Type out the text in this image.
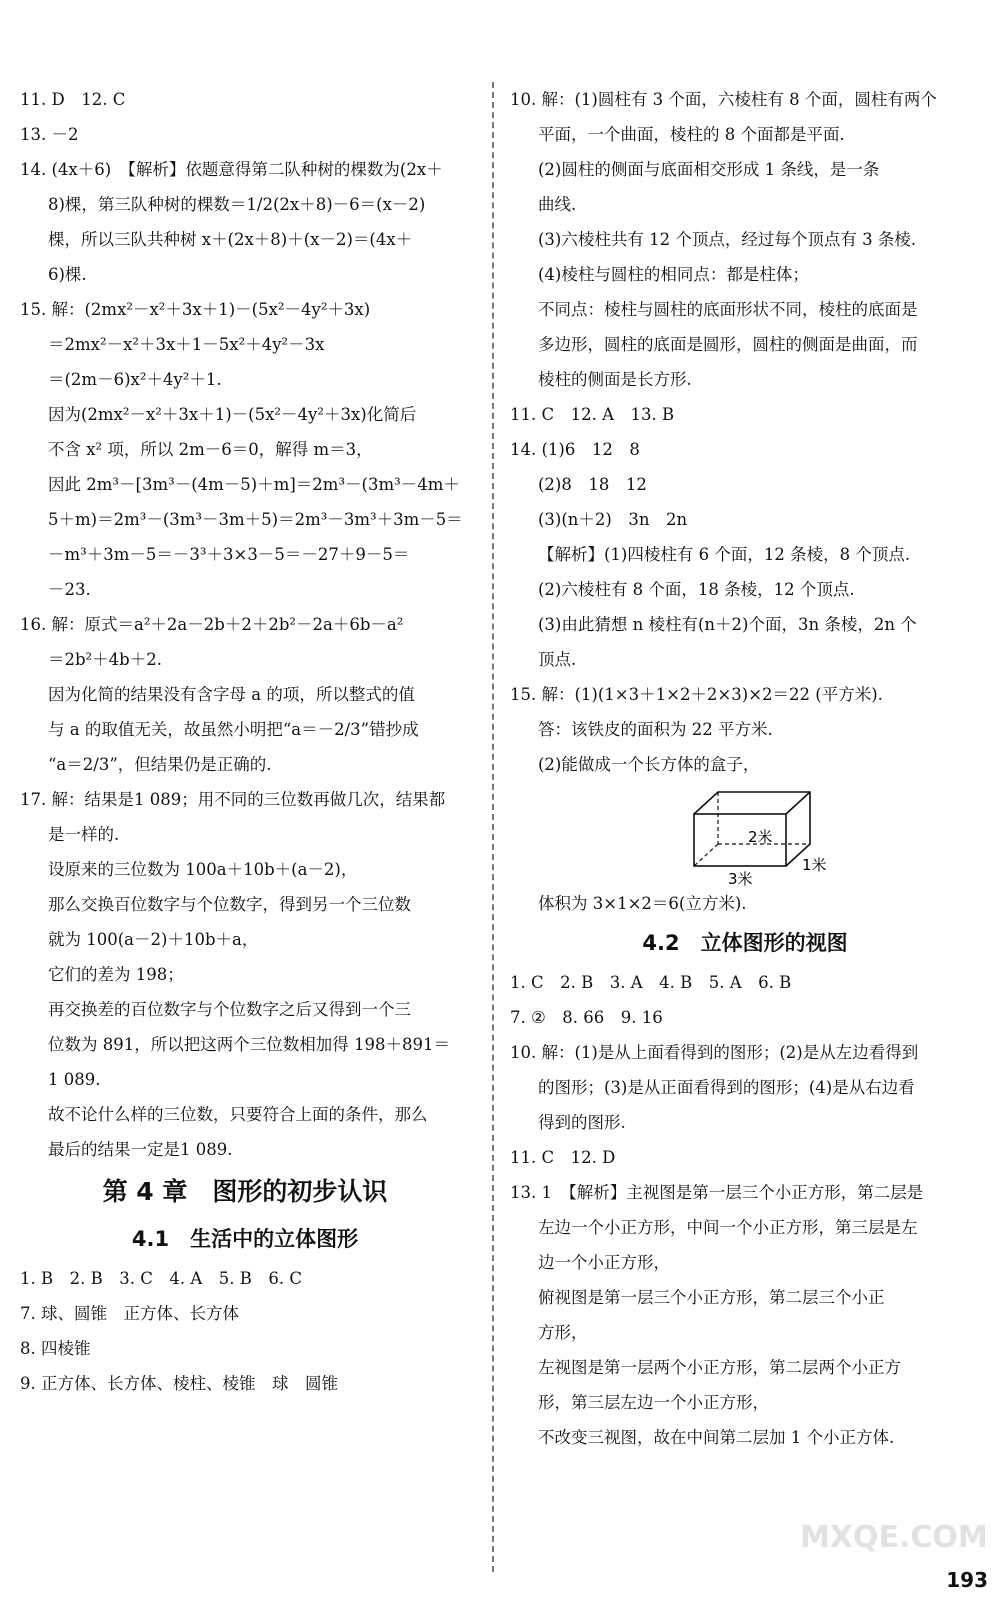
11. D　12. C
13. －2
14. (4x＋6)　【解析】依题意得第二队种树的棵数为(2x＋
8)棵，第三队种树的棵数＝1/2(2x＋8)－6＝(x－2)
棵，所以三队共种树 x＋(2x＋8)＋(x－2)＝(4x＋
6)棵.
15. 解：(2mx²－x²＋3x＋1)－(5x²－4y²＋3x)
＝2mx²－x²＋3x＋1－5x²＋4y²－3x
＝(2m－6)x²＋4y²＋1.
因为(2mx²－x²＋3x＋1)－(5x²－4y²＋3x)化简后
不含 x² 项，所以 2m－6＝0，解得 m＝3，
因此 2m³－[3m³－(4m－5)＋m]＝2m³－(3m³－4m＋
5＋m)＝2m³－(3m³－3m＋5)＝2m³－3m³＋3m－5＝
－m³＋3m－5＝－3³＋3×3－5＝－27＋9－5＝
－23.
16. 解：原式＝a²＋2a－2b＋2＋2b²－2a＋6b－a²
＝2b²＋4b＋2.
因为化简的结果没有含字母 a 的项，所以整式的值
与 a 的取值无关，故虽然小明把“a＝－2/3”错抄成
“a＝2/3”，但结果仍是正确的.
17. 解：结果是1 089；用不同的三位数再做几次，结果都
是一样的.
设原来的三位数为 100a＋10b＋(a－2)，
那么交换百位数字与个位数字，得到另一个三位数
就为 100(a－2)＋10b＋a，
它们的差为 198；
再交换差的百位数字与个位数字之后又得到一个三
位数为 891，所以把这两个三位数相加得 198＋891＝
1 089.
故不论什么样的三位数，只要符合上面的条件，那么
最后的结果一定是1 089.
第 4 章　图形的初步认识
4.1　生活中的立体图形
1. B　2. B　3. C　4. A　5. B　6. C
7. 球、圆锥　正方体、长方体
8. 四棱锥
9. 正方体、长方体、棱柱、棱锥　球　圆锥
10. 解：(1)圆柱有 3 个面，六棱柱有 8 个面，圆柱有两个
平面，一个曲面，棱柱的 8 个面都是平面.
(2)圆柱的侧面与底面相交形成 1 条线，是一条
曲线.
(3)六棱柱共有 12 个顶点，经过每个顶点有 3 条棱.
(4)棱柱与圆柱的相同点：都是柱体；
不同点：棱柱与圆柱的底面形状不同，棱柱的底面是
多边形，圆柱的底面是圆形，圆柱的侧面是曲面，而
棱柱的侧面是长方形.
11. C　12. A　13. B
14. (1)6　12　8
(2)8　18　12
(3)(n＋2)　3n　2n
【解析】(1)四棱柱有 6 个面，12 条棱，8 个顶点.
(2)六棱柱有 8 个面，18 条棱，12 个顶点.
(3)由此猜想 n 棱柱有(n＋2)个面，3n 条棱，2n 个
顶点.
15. 解：(1)(1×3＋1×2＋2×3)×2＝22 (平方米).
答：该铁皮的面积为 22 平方米.
(2)能做成一个长方体的盒子，
2米
3米
1米
体积为 3×1×2＝6(立方米).
4.2　立体图形的视图
1. C　2. B　3. A　4. B　5. A　6. B
7. ②　8. 66　9. 16
10. 解：(1)是从上面看得到的图形；(2)是从左边看得到
的图形；(3)是从正面看得到的图形；(4)是从右边看
得到的图形.
11. C　12. D
13. 1　【解析】主视图是第一层三个小正方形，第二层是
左边一个小正方形，中间一个小正方形，第三层是左
边一个小正方形，
俯视图是第一层三个小正方形，第二层三个小正
方形，
左视图是第一层两个小正方形，第二层两个小正方
形，第三层左边一个小正方形，
不改变三视图，故在中间第二层加 1 个小正方体.
MXQE.COM
193
